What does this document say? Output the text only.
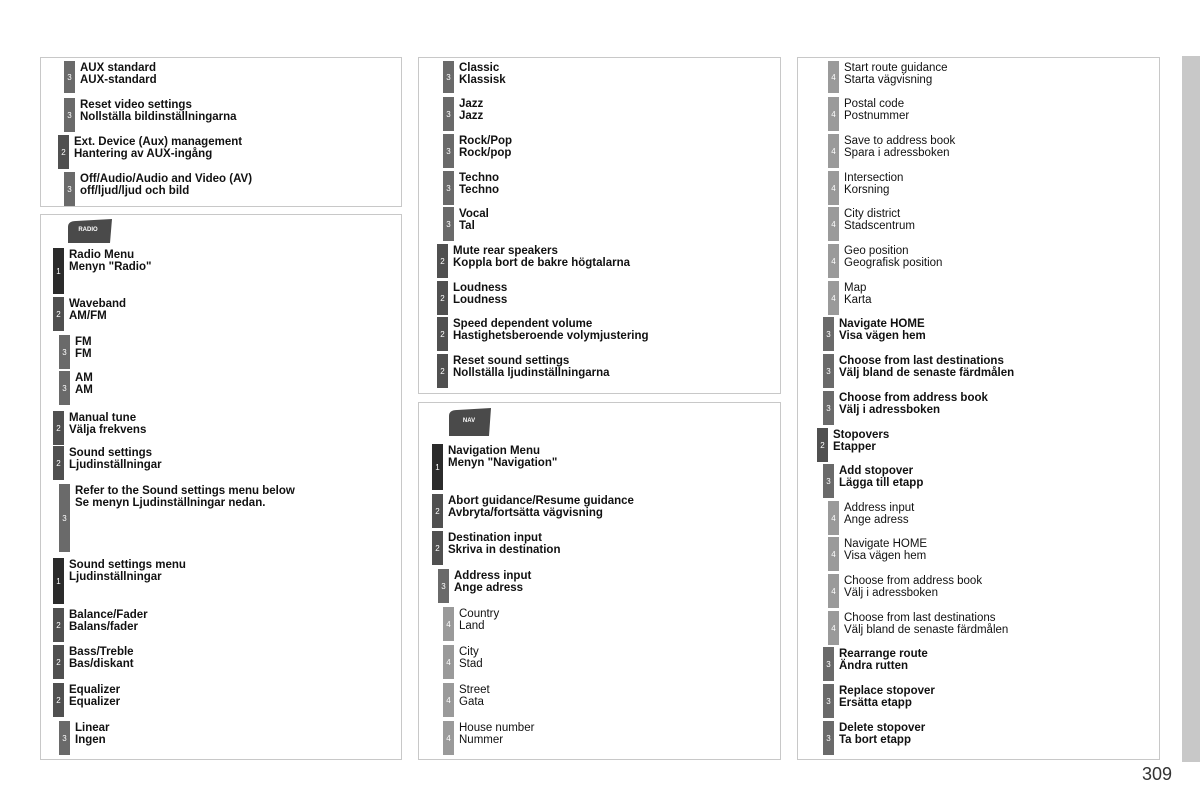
RADIO
NAV
3
AUX standard
AUX-standard
3
Reset video settings
Nollställa bildinställningarna
2
Ext. Device (Aux) management
Hantering av AUX-ingång
3
Off/Audio/Audio and Video (AV)
off/ljud/ljud och bild
1
Radio Menu
Menyn "Radio"
2
Waveband
AM/FM
3
FM
FM
3
AM
AM
2
Manual tune
Välja frekvens
2
Sound settings
Ljudinställningar
3
Refer to the Sound settings menu below
Se menyn Ljudinställningar nedan.
1
Sound settings menu
Ljudinställningar
2
Balance/Fader
Balans/fader
2
Bass/Treble
Bas/diskant
2
Equalizer
Equalizer
3
Linear
Ingen
3
Classic
Klassisk
3
Jazz
Jazz
3
Rock/Pop
Rock/pop
3
Techno
Techno
3
Vocal
Tal
2
Mute rear speakers
Koppla bort de bakre högtalarna
2
Loudness
Loudness
2
Speed dependent volume
Hastighetsberoende volymjustering
2
Reset sound settings
Nollställa ljudinställningarna
1
Navigation Menu
Menyn "Navigation"
2
Abort guidance/Resume guidance
Avbryta/fortsätta vägvisning
2
Destination input
Skriva in destination
3
Address input
Ange adress
4
Country
Land
4
City
Stad
4
Street
Gata
4
House number
Nummer
4
Start route guidance
Starta vägvisning
4
Postal code
Postnummer
4
Save to address book
Spara i adressboken
4
Intersection
Korsning
4
City district
Stadscentrum
4
Geo position
Geografisk position
4
Map
Karta
3
Navigate HOME
Visa vägen hem
3
Choose from last destinations
Välj bland de senaste färdmålen
3
Choose from address book
Välj i adressboken
2
Stopovers
Etapper
3
Add stopover
Lägga till etapp
4
Address input
Ange adress
4
Navigate HOME
Visa vägen hem
4
Choose from address book
Välj i adressboken
4
Choose from last destinations
Välj bland de senaste färdmålen
3
Rearrange route
Ändra rutten
3
Replace stopover
Ersätta etapp
3
Delete stopover
Ta bort etapp
309
